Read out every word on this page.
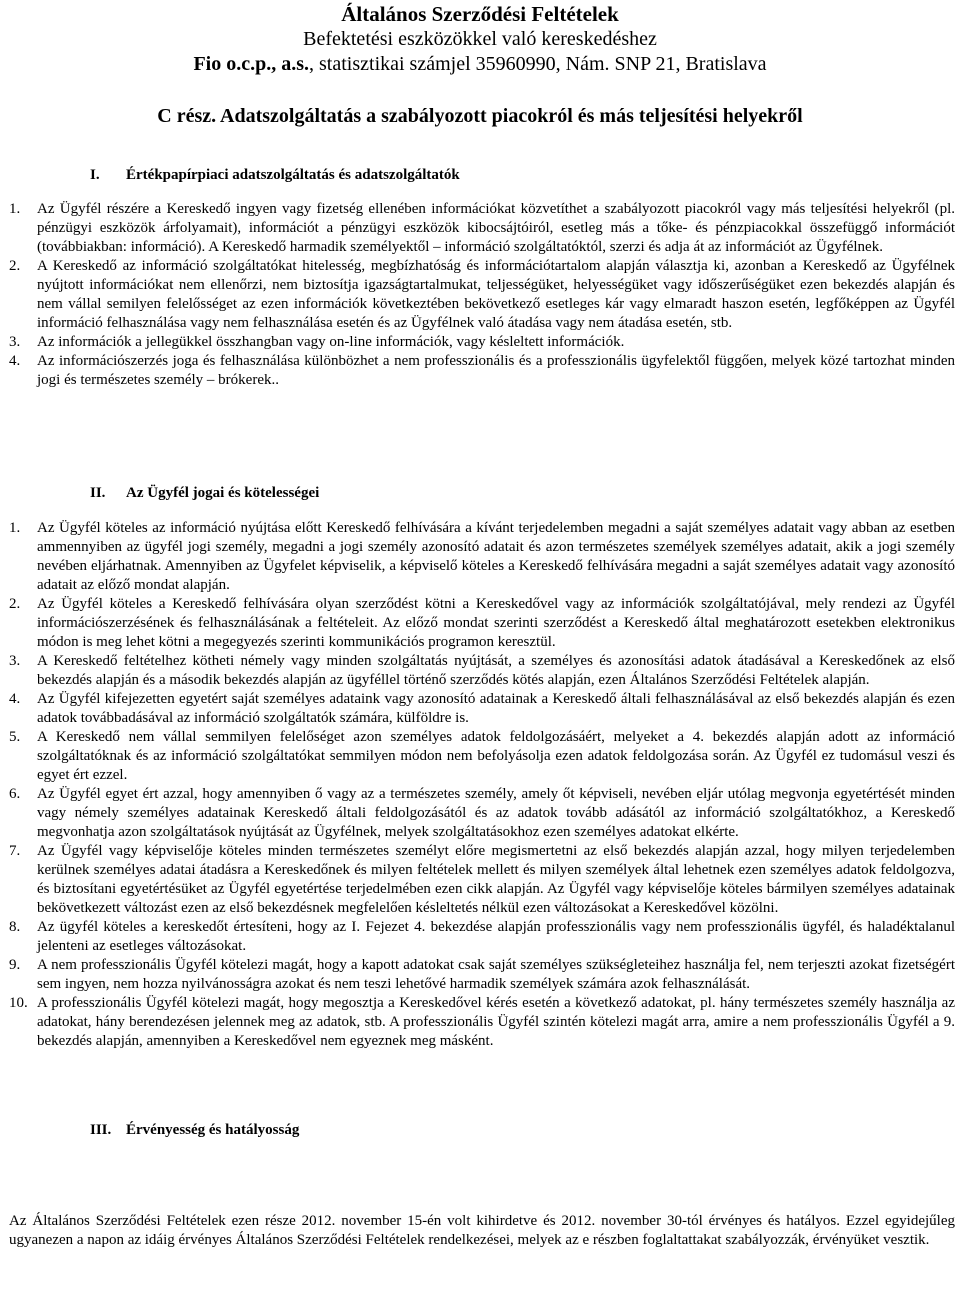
Általános Szerződési Feltételek
Befektetési eszközökkel való kereskedéshez
Fio o.c.p., a.s., statisztikai számjel 35960990, Nám. SNP 21, Bratislava
C rész. Adatszolgáltatás a szabályozott piacokról és más teljesítési helyekről
I. Értékpapírpiaci adatszolgáltatás és adatszolgáltatók
1. Az Ügyfél részére a Kereskedő ingyen vagy fizetség ellenében információkat közvetíthet a szabályozott piacokról vagy más teljesítési helyekről (pl. pénzügyi eszközök árfolyamait), információt a pénzügyi eszközök kibocsájtóiról, esetleg más a tőke- és pénzpiacokkal összefüggő információt (továbbiakban: információ). A Kereskedő harmadik személyektől – információ szolgáltatóktól, szerzi és adja át az információt az Ügyfélnek.
2. A Kereskedő az információ szolgáltatókat hitelesség, megbízhatóság és információtartalom alapján választja ki, azonban a Kereskedő az Ügyfélnek nyújtott információkat nem ellenőrzi, nem biztosítja igazságtartalmukat, teljességüket, helyességüket vagy időszerűségüket ezen bekezdés alapján és nem vállal semilyen felelősséget az ezen információk következtében bekövetkező esetleges kár vagy elmaradt haszon esetén, legfőképpen az Ügyfél információ felhasználása vagy nem felhasználása esetén és az Ügyfélnek való átadása vagy nem átadása esetén, stb.
3. Az információk a jellegükkel összhangban vagy on-line információk, vagy késleltett információk.
4. Az információszerzés joga és felhasználása különbözhet a nem professzionális és a professzionális ügyfelektől függően, melyek közé tartozhat minden jogi és természetes személy – brókerek..
II. Az Ügyfél jogai és kötelességei
1. Az Ügyfél köteles az információ nyújtása előtt Kereskedő felhívására a kívánt terjedelemben megadni a saját személyes adatait vagy abban az esetben ammennyiben az ügyfél jogi személy, megadni a jogi személy azonosító adatait és azon természetes személyek személyes adatait, akik a jogi személy nevében eljárhatnak. Amennyiben az Ügyfelet képviselik, a képviselő köteles a Kereskedő felhívására megadni a saját személyes adatait vagy azonosító adatait az előző mondat alapján.
2. Az Ügyfél köteles a Kereskedő felhívására olyan szerződést kötni a Kereskedővel vagy az információk szolgáltatójával, mely rendezi az Ügyfél információszerzésének és felhasználásának a feltételeit. Az előző mondat szerinti szerződést a Kereskedő által meghatározott esetekben elektronikus módon is meg lehet kötni a megegyezés szerinti kommunikációs programon keresztül.
3. A Kereskedő feltételhez kötheti némely vagy minden szolgáltatás nyújtását, a személyes és azonosítási adatok átadásával a Kereskedőnek az első bekezdés alapján és a második bekezdés alapján az ügyféllel történő szerződés kötés alapján, ezen Általános Szerződési Feltételek alapján.
4. Az Ügyfél kifejezetten egyetért saját személyes adataink vagy azonosító adatainak a Kereskedő általi felhasználásával az első bekezdés alapján és ezen adatok továbbadásával az információ szolgáltatók számára, külföldre is.
5. A Kereskedő nem vállal semmilyen felelőséget azon személyes adatok feldolgozásáért, melyeket a 4. bekezdés alapján adott az információ szolgáltatóknak és az információ szolgáltatókat semmilyen módon nem befolyásolja ezen adatok feldolgozása során. Az Ügyfél ez tudomásul veszi és egyet ért ezzel.
6. Az Ügyfél egyet ért azzal, hogy amennyiben ő vagy az a természetes személy, amely őt képviseli, nevében eljár utólag megvonja egyetértését minden vagy némely személyes adatainak Kereskedő általi feldolgozásától és az adatok tovább adásától az információ szolgáltatókhoz, a Kereskedő megvonhatja azon szolgáltatások nyújtását az Ügyfélnek, melyek szolgáltatásokhoz ezen személyes adatokat elkérte.
7. Az Ügyfél vagy képviselője köteles minden természetes személyt előre megismertetni az első bekezdés alapján azzal, hogy milyen terjedelemben kerülnek személyes adatai átadásra a Kereskedőnek és milyen feltételek mellett és milyen személyek által lehetnek ezen személyes adatok feldolgozva, és biztosítani egyetértésüket az Ügyfél egyetértése terjedelmében ezen cikk alapján. Az Ügyfél vagy képviselője köteles bármilyen személyes adatainak bekövetkezett változást ezen az első bekezdésnek megfelelően késleltetés nélkül ezen változásokat a Kereskedővel közölni.
8. Az ügyfél köteles a kereskedőt értesíteni, hogy az I. Fejezet 4. bekezdése alapján professzionális vagy nem professzionális ügyfél, és haladéktalanul jelenteni az esetleges változásokat.
9. A nem professzionális Ügyfél kötelezi magát, hogy a kapott adatokat csak saját személyes szükségleteihez használja fel, nem terjeszti azokat fizetségért sem ingyen, nem hozza nyilvánosságra azokat és nem teszi lehetővé harmadik személyek számára azok felhasználását.
10. A professzionális Ügyfél kötelezi magát, hogy megosztja a Kereskedővel kérés esetén a következő adatokat, pl. hány természetes személy használja az adatokat, hány berendezésen jelennek meg az adatok, stb. A professzionális Ügyfél szintén kötelezi magát arra, amire a nem professzionális Ügyfél a 9. bekezdés alapján, amennyiben a Kereskedővel nem egyeznek meg másként.
III. Érvényesség és hatályosság
Az Általános Szerződési Feltételek ezen része 2012. november 15-én volt kihirdetve és 2012. november 30-tól érvényes és hatályos. Ezzel egyidejűleg ugyanezen a napon az idáig érvényes Általános Szerződési Feltételek rendelkezései, melyek az e részben foglaltattakat szabályozzák, érvényüket vesztik.
